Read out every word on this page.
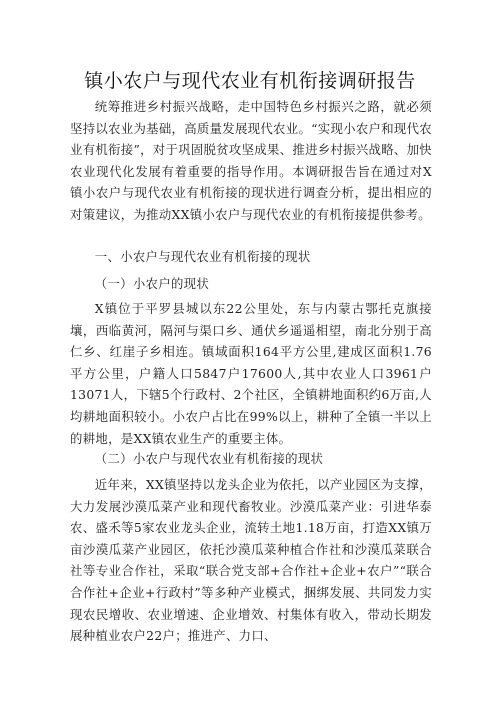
镇小农户与现代农业有机衔接调研报告

统筹推进乡村振兴战略，走中国特色乡村振兴之路，就必须坚持以农业为基础，高质量发展现代农业。“实现小农户和现代农业有机衔接”，对于巩固脱贫攻坚成果、推进乡村振兴战略、加快农业现代化发展有着重要的指导作用。本调研报告旨在通过对X镇小农户与现代农业有机衔接的现状进行调查分析，提出相应的对策建议，为推动XX镇小农户与现代农业的有机衔接提供参考。

一、小农户与现代农业有机衔接的现状

（一）小农户的现状

X镇位于平罗县城以东22公里处，东与内蒙古鄂托克旗接壤，西临黄河，隔河与渠口乡、通伏乡遥遥相望，南北分别于高仁乡、红崖子乡相连。镇域面积164平方公里,建成区面积1.76平方公里，户籍人口5847户17600人,其中农业人口3961户13071人，下辖5个行政村、2个社区，全镇耕地面积约6万亩,人均耕地面积较小。小农户占比在99%以上，耕种了全镇一半以上的耕地，是XX镇农业生产的重要主体。

（二）小农户与现代农业有机衔接的现状

近年来，XX镇坚持以龙头企业为依托，以产业园区为支撑，大力发展沙漠瓜菜产业和现代畜牧业。沙漠瓜菜产业：引进华泰农、盛禾等5家农业龙头企业，流转土地1.18万亩，打造XX镇万亩沙漠瓜菜产业园区，依托沙漠瓜菜种植合作社和沙漠瓜菜联合社等专业合作社，采取“联合党支部+合作社+企业+农户”“联合合作社+企业+行政村”等多种产业模式，捆绑发展、共同发力实现农民增收、农业增速、企业增效、村集体有收入，带动长期发展种植业农户22户；推进产、力口、
